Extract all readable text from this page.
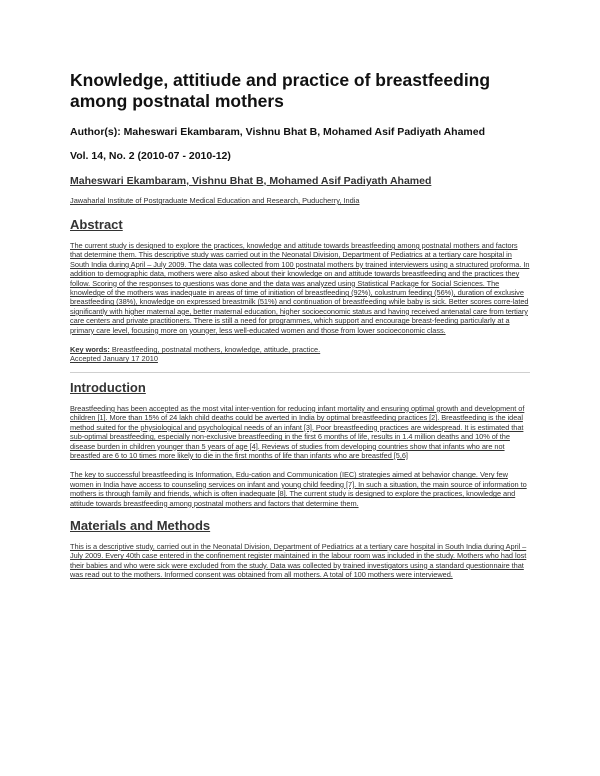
Knowledge, attitiude and practice of breastfeeding among postnatal mothers
Author(s): Maheswari Ekambaram, Vishnu Bhat B, Mohamed Asif Padiyath Ahamed
Vol. 14, No. 2 (2010-07 - 2010-12)
Maheswari Ekambaram, Vishnu Bhat B, Mohamed Asif Padiyath Ahamed
Jawaharlal Institute of Postgraduate Medical Education and Research, Puducherry, India
Abstract

The current study is designed to explore the practices, knowledge and attitude towards breastfeeding among postnatal mothers and factors that determine them. This descriptive study was carried out in the Neonatal Division, Department of Pediatrics at a tertiary care hospital in South India during April – July 2009. The data was collected from 100 postnatal mothers by trained interviewers using a structured proforma. In addition to demographic data, mothers were also asked about their knowledge on and attitude towards breastfeeding and the practices they follow. Scoring of the responses to questions was done and the data was analyzed using Statistical Package for Social Sciences. The knowledge of the mothers was inadequate in areas of time of initiation of breastfeeding (92%), colustrum feeding (56%), duration of exclusive breastfeeding (38%), knowledge on expressed breastmilk (51%) and continuation of breastfeeding while baby is sick. Better scores corre-lated significantly with higher maternal age, better maternal education, higher socioeconomic status and having received antenatal care from tertiary care centers and private practitioners. There is still a need for programmes, which support and encourage breast-feeding particularly at a primary care level, focusing more on younger, less well-educated women and those from lower socioeconomic class.

Key words: Breastfeeding, postnatal mothers, knowledge, attitude, practice.

Accepted January 17 2010

Introduction

Breastfeeding has been accepted as the most vital inter-vention for reducing infant mortality and ensuring optimal growth and development of children [1]. More than 15% of 24 lakh child deaths could be averted in India by optimal breastfeeding practices [2]. Breastfeeding is the ideal method suited for the physiological and psychological needs of an infant [3]. Poor breastfeeding practices are widespread. It is estimated that sub-optimal breastfeeding, especially non-exclusive breastfeeding in the first 6 months of life, results in 1.4 million deaths and 10% of the disease burden in children younger than 5 years of age [4]. Reviews of studies from developing countries show that infants who are not breastfed are 6 to 10 times more likely to die in the first months of life than infants who are breastfed [5,6]

The key to successful breastfeeding is Information, Edu-cation and Communication (IEC) strategies aimed at behavior change. Very few women in India have access to counseling services on infant and young child feeding [7]. In such a situation, the main source of information to mothers is through family and friends, which is often inadequate [8]. The current study is designed to explore the practices, knowledge and attitude towards breastfeeding among postnatal mothers and factors that determine them.

Materials and Methods

This is a descriptive study, carried out in the Neonatal Division, Department of Pediatrics at a tertiary care hospital in South India during April – July 2009. Every 40th case entered in the confinement register maintained in the labour room was included in the study. Mothers who had lost their babies and who were sick were excluded from the study. Data was collected by trained investigators using a standard questionnaire that was read out to the mothers. Informed consent was obtained from all mothers. A total of 100 mothers were interviewed.
